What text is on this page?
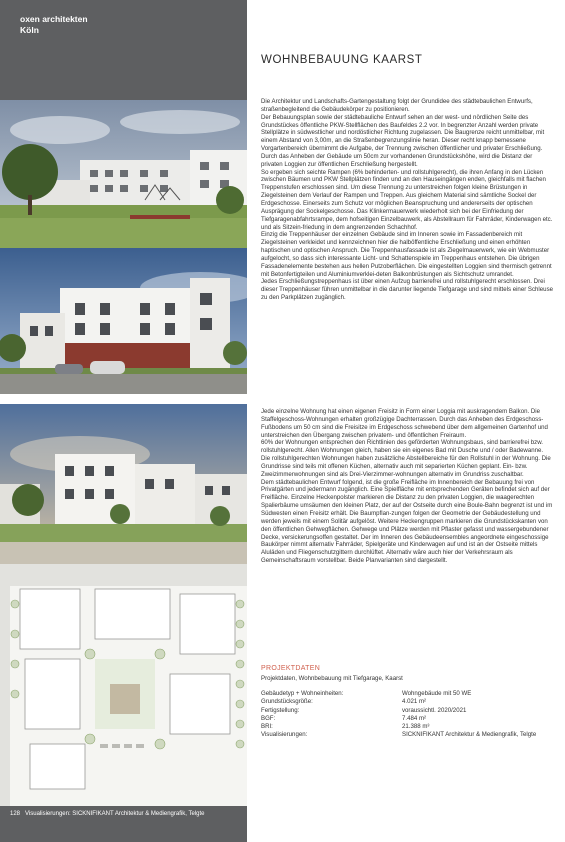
oxen architekten
Köln
WOHNBEBAUUNG KAARST

Die Architektur und Landschafts-Gartengestaltung folgt der Grundidee des städtebaulichen Entwurfs, straßenbegleitend die Gebäudekörper zu positionieren.

Der Bebauungsplan sowie der städtebauliche Entwurf sehen an der west- und nördlichen Seite des Grundstückes öffentliche PKW-Stellflächen des Baufeldes 2.2 vor. In begrenzter Anzahl werden private Stellplätze in südwestlicher und nordöstlicher Richtung zugelassen. Die Baugrenze reicht unmittelbar, mit einem Abstand von 3,00m, an die Straßenbegrenzungslinie heran. Dieser recht knapp bemessene Vorgartenbereich übernimmt die Aufgabe, der Trennung zwischen öffentlicher und privater Erschließung. Durch das Anheben der Gebäude um 50cm zur vorhandenen Grundstückshöhe, wird die Distanz der privaten Loggien zur öffentlichen Erschließung hergestellt.

So ergeben sich seichte Rampen (6% behinderten- und rollstuhlgerecht), die ihren Anfang in den Lücken zwischen Bäumen und PKW Stellplätzen finden und an den Hauseingängen enden, gleichfalls mit flachen Treppenstufen erschlossen sind. Um diese Trennung zu unterstreichen folgen kleine Brüstungen in Ziegelsteinen dem Verlauf der Rampen und Treppen. Aus gleichem Material sind sämtliche Sockel der Erdgeschosse. Einerseits zum Schutz vor möglichen Beanspruchung und andererseits der optischen Ausprägung der Sockelgeschosse. Das Klinkermauerwerk wiederholt sich bei der Einfriedung der Tiefgaragenabfahrtsrampe, dem hofseitigen Einzelbauwerk, als Abstellraum für Fahrräder, Kinderwagen etc. und als Sitzein-friedung in dem angrenzenden Schachhof.

Einzig die Treppenhäuser der einzelnen Gebäude sind im Inneren sowie im Fassadenbereich mit Ziegelsteinen verkleidet und kennzeichnen hier die halböffentliche Erschließung und einen erhöhten haptischen und optischen Anspruch. Die Treppenhausfassade ist als Ziegelmauerwerk, wie ein Webmuster aufgelocht, so dass sich interessante Licht- und Schattenspiele im Treppenhaus entstehen. Die übrigen Fassadenelemente bestehen aus hellen Putzoberflächen. Die eingestellten Loggien sind thermisch getrennt mit Betonfertigteilen und Aluminiumverklei-deten Balkonbrüstungen als Sichtschutz umrandet.

Jedes Erschließungstreppenhaus ist über einen Aufzug barrierefrei und rollstuhlgerecht erschlossen. Drei dieser Treppenhäuser führen unmittelbar in die darunter liegende Tiefgarage und sind mittels einer Schleuse zu den Parkplätzen zugänglich.

Jede einzelne Wohnung hat einen eigenen Freisitz in Form einer Loggia mit auskragendem Balkon. Die Staffelgeschoss-Wohnungen erhalten großzügige Dachterrassen. Durch das Anheben des Erdgeschoss-Fußbodens um 50 cm sind die Freisitze im Erdgeschoss schwebend über dem allgemeinen Gartenhof und unterstreichen den Übergang zwischen privatem- und öffentlichen Freiraum.

60% der Wohnungen entsprechen den Richtlinien des geförderten Wohnungsbaus, sind barrierefrei bzw. rollstuhlgerecht. Allen Wohnungen gleich, haben sie ein eigenes Bad mit Dusche und / oder Badewanne. Die rollstuhlgerechten Wohnungen haben zusätzliche Abstellbereiche für den Rollstuhl in der Wohnung. Die Grundrisse sind teils mit offenen Küchen, alternativ auch mit separierten Küchen geplant. Ein- bzw. Zweizimmerwohnungen sind als Drei-Vierzimmer-wohnungen alternativ im Grundriss zuschaltbar.

Dem städtebaulichen Entwurf folgend, ist die große Freifläche im Innenbereich der Bebauung frei von Privatgärten und jedermann zugänglich. Eine Spielfläche mit entsprechenden Geräten befindet sich auf der Freifläche. Einzelne Heckenpolster markieren die Distanz zu den privaten Loggien, die waagerechten Spalierbäume umsäumen den kleinen Platz, der auf der Ostseite durch eine Boule-Bahn begrenzt ist und im Südwesten einen Freisitz erhält. Die Baumpflan-zungen folgen der Geometrie der Gebäudestellung und werden jeweils mit einem Solitär aufgelöst. Weitere Heckengruppen markieren die Grundstückskanten von den öffentlichen Gehwegflächen. Gehwege und Plätze werden mit Pflaster gefasst und wassergebundener Decke, versickerungsoffen gestaltet. Der im Inneren des Gebäudeensembles angeordnete eingeschossige Baukörper nimmt alternativ Fahrräder, Spielgeräte und Kinderwagen auf und ist an der Ostseite mittels Aluläden und Fliegenschutzgittern durchlüftet. Alternativ wäre auch hier der Verkehrsraum als Gemeinschaftsraum vorstellbar. Beide Planvarianten sind dargestellt.

PROJEKTDATEN
Projektdaten, Wohnbebauung mit Tiefgarage, Kaarst
Gebäudetyp + Wohneinheiten:	Wohngebäude mit 50 WE
Grundstücksgröße:	4.021 m²
Fertigstellung:	voraussichtl. 2020/2021
BGF:	7.484 m²
BRI:	21.388 m³
Visualisierungen:	SICKNIFIKANT Architektur & Mediengrafik, Telgte
128 Visualisierungen: SICKNIFIKANT Architektur & Mediengrafik, Telgte
